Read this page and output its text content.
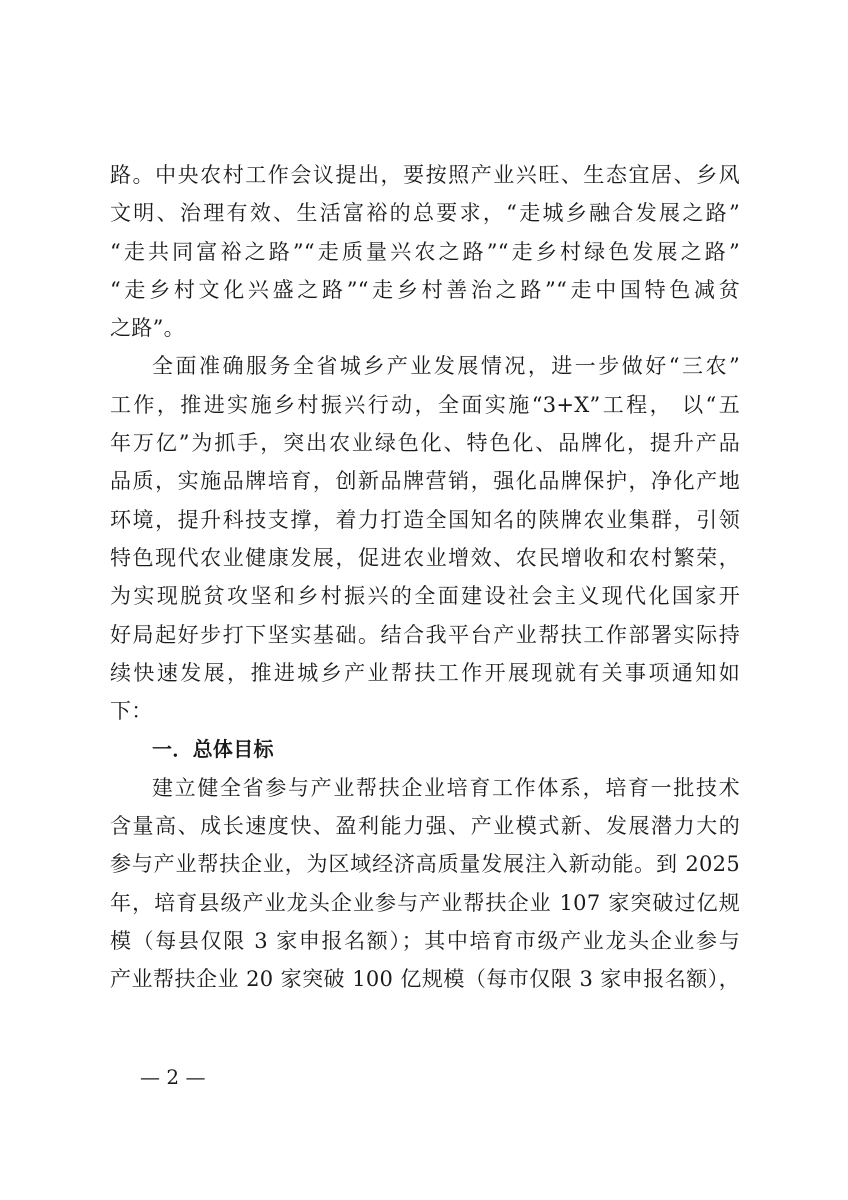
路。中央农村工作会议提出，要按照产业兴旺、生态宜居、乡风
文明、治理有效、生活富裕的总要求，“走城乡融合发展之路”
“走共同富裕之路”“走质量兴农之路”“走乡村绿色发展之路”
“走乡村文化兴盛之路”“走乡村善治之路”“走中国特色减贫
之路”。
全面准确服务全省城乡产业发展情况，进一步做好“三农”
工作，推进实施乡村振兴行动，全面实施“3+X”工程， 以“五
年万亿”为抓手，突出农业绿色化、特色化、品牌化，提升产品
品质，实施品牌培育，创新品牌营销，强化品牌保护，净化产地
环境，提升科技支撑，着力打造全国知名的陕牌农业集群，引领
特色现代农业健康发展，促进农业增效、农民增收和农村繁荣，
为实现脱贫攻坚和乡村振兴的全面建设社会主义现代化国家开
好局起好步打下坚实基础。结合我平台产业帮扶工作部署实际持
续快速发展，推进城乡产业帮扶工作开展现就有关事项通知如
下：
一．总体目标
建立健全省参与产业帮扶企业培育工作体系，培育一批技术
含量高、成长速度快、盈利能力强、产业模式新、发展潜力大的
参与产业帮扶企业，为区域经济高质量发展注入新动能。到 2025
年，培育县级产业龙头企业参与产业帮扶企业 107 家突破过亿规
模（每县仅限 3 家申报名额）；其中培育市级产业龙头企业参与
产业帮扶企业 20 家突破 100 亿规模（每市仅限 3 家申报名额），
— 2 —
